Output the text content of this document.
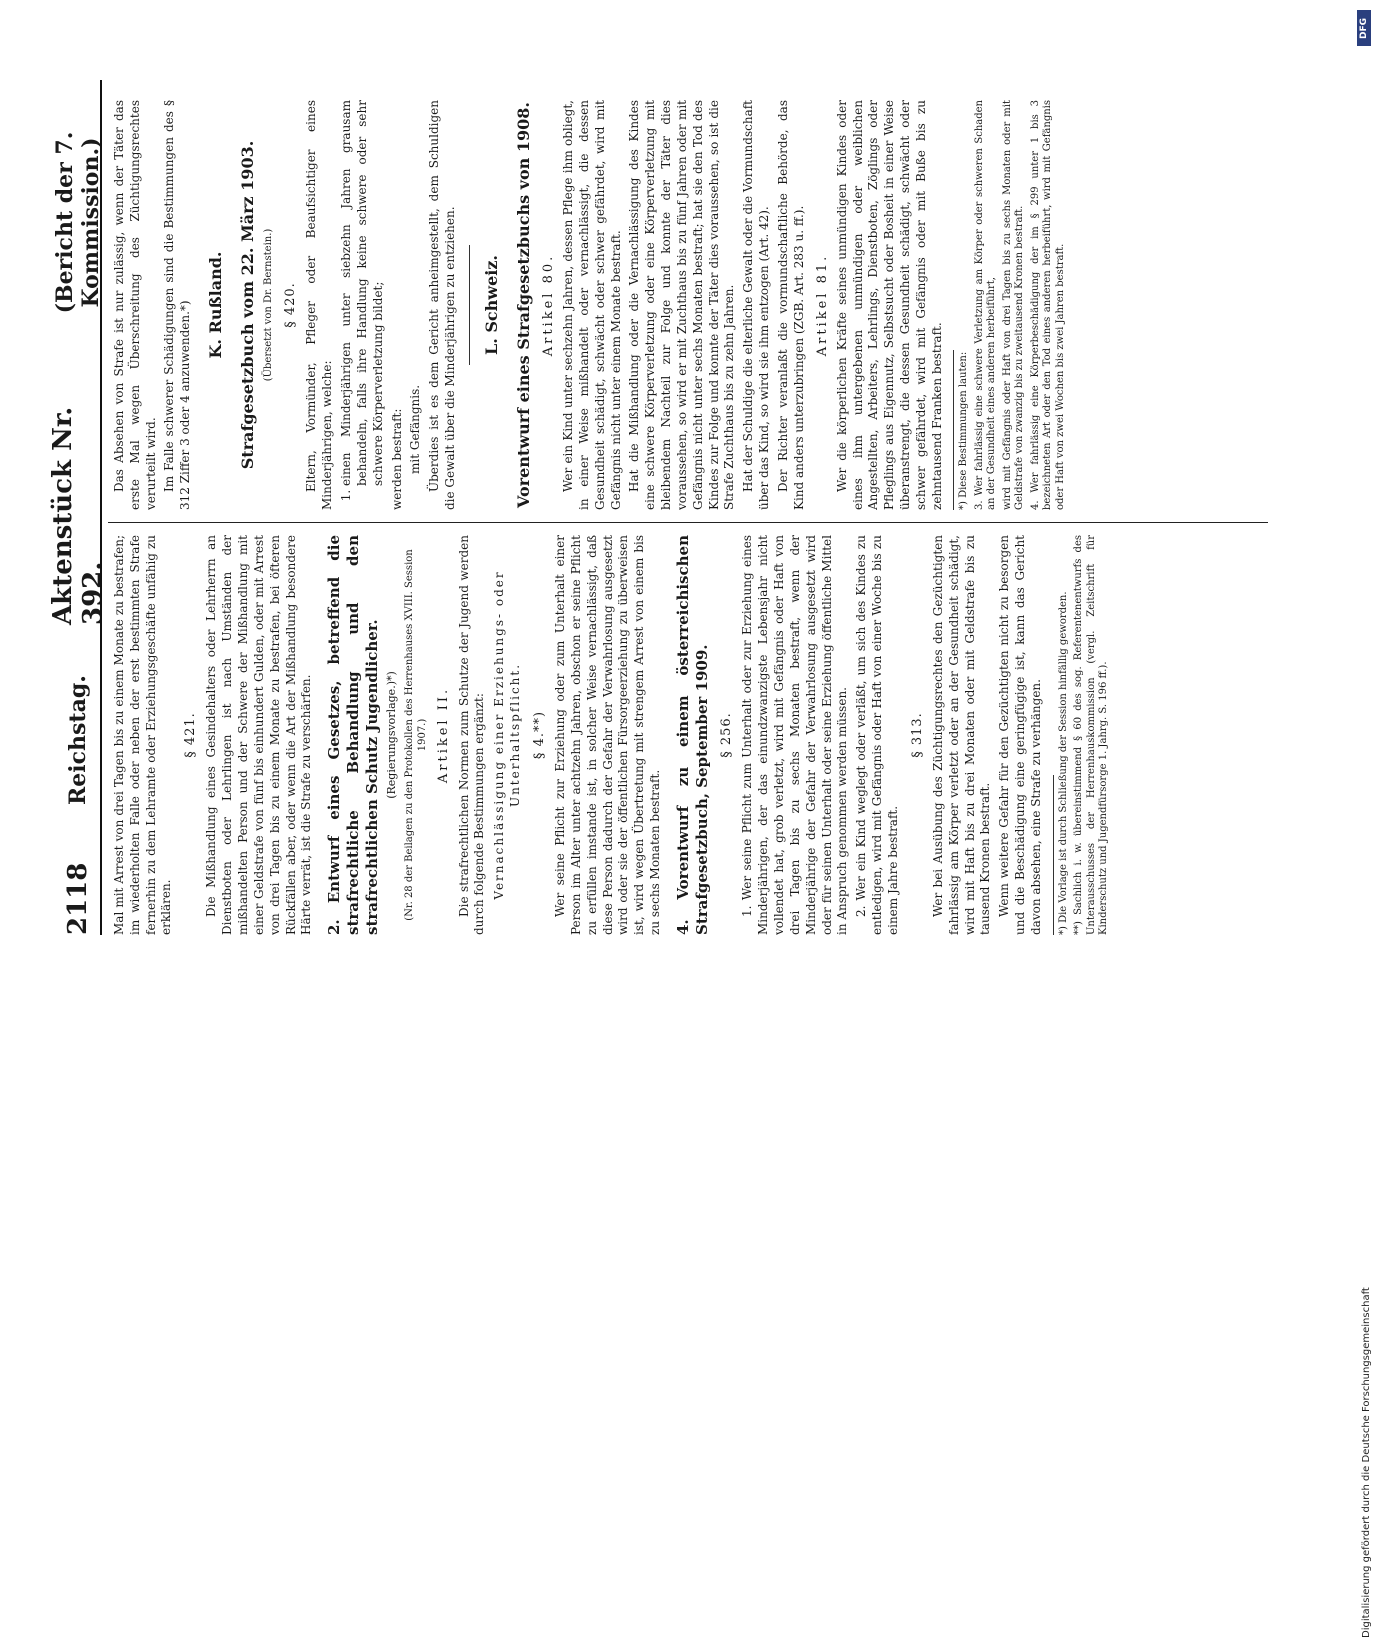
2118
Reichstag.
Aktenstück Nr. 392.
(Bericht der 7. Kommission.)

Mal mit Arrest von drei Tagen bis zu einem Monate zu bestrafen; im wiederholten Falle oder neben der erst bestimmten Strafe fernerhin zu dem Lehramte oder Erziehungsgeschäfte unfähig zu erklären.

§ 421. Die Mißhandlung eines Gesindehalters oder Lehrherrn an Dienstboten oder Lehrlingen ist nach Umständen der mißhandelten Person und der Schwere der Mißhandlung mit einer Geldstrafe von fünf bis einhundert Gulden, oder mit Arrest von drei Tagen bis zu einem Monate zu bestrafen, bei öfteren Rückfällen aber, oder wenn die Art der Mißhandlung besondere Härte verrät, ist die Strafe zu verschärfen. 2. Entwurf eines Gesetzes, betreffend die strafrechtliche Behandlung und den strafrechtlichen Schutz Jugendlicher. (Regierungsvorlage.)*) (Nr. 28 der Beilagen zu den Protokollen des Herrenhauses XVIII. Session 1907.) Artikel II. Die strafrechtlichen Normen zum Schutze der Jugend werden durch folgende Bestimmungen ergänzt: Vernachlässigung einer Erziehungs- oder Unterhaltspflicht. § 4.**) Wer seine Pflicht zur Erziehung oder zum Unterhalt einer Person im Alter unter achtzehn Jahren, obschon er seine Pflicht zu erfüllen imstande ist, in solcher Weise vernachlässigt, daß diese Person dadurch der Gefahr der Verwahrlosung ausgesetzt wird oder sie der öffentlichen Fürsorgeerziehung zu überweisen ist, wird wegen Übertretung mit strengem Arrest von einem bis zu sechs Monaten bestraft. 4. Vorentwurf zu einem österreichischen Strafgesetzbuch, September 1909. § 256. 1. Wer seine Pflicht zum Unterhalt oder zur Erziehung eines Minderjährigen, der das einundzwanzigste Lebensjahr nicht vollendet hat, grob verletzt, wird mit Gefängnis oder Haft von drei Tagen bis zu sechs Monaten bestraft, wenn der Minderjährige der Gefahr der Verwahrlosung ausgesetzt wird oder für seinen Unterhalt oder seine Erziehung öffentliche Mittel in Anspruch genommen werden müssen. 2. Wer ein Kind weglegt oder verläßt, um sich des Kindes zu entledigen, wird mit Gefängnis oder Haft von einer Woche bis zu einem Jahre bestraft.

§ 313. Wer bei Ausübung des Züchtigungsrechtes den Gezüchtigten fahrlässig am Körper verletzt oder an der Gesundheit schädigt, wird mit Haft bis zu drei Monaten oder mit Geldstrafe bis zu tausend Kronen bestraft. Wenn weitere Gefahr für den Gezüchtigten nicht zu besorgen und die Beschädigung eine geringfügige ist, kann das Gericht davon absehen, eine Strafe zu verhängen. *) Die Vorlage ist durch Schließung der Session hinfällig geworden. **) Sachlich i. w. übereinstimmend § 60 des sog. Referentenentwurfs des Unterausschusses der Herrenhauskommission (vergl. Zeitschrift für Kinderschutz und Jugendfürsorge 1. Jahrg. S. 196 ff.).

Das Absehen von Strafe ist nur zulässig, wenn der Täter das erste Mal wegen Überschreitung des Züchtigungsrechtes verurteilt wird. Im Falle schwerer Schädigungen sind die Bestimmungen des § 312 Ziffer 3 oder 4 anzuwenden.*) K. Rußland. Strafgesetzbuch vom 22. März 1903. (Übersetzt von Dr. Bernstein.) § 420. Eltern, Vormünder, Pfleger oder Beaufsichtiger eines Minderjährigen, welche:

1. einen Minderjährigen unter siebzehn Jahren grausam behandeln, falls ihre Handlung keine schwere oder sehr schwere Körperverletzung bildet; werden bestraft: mit Gefängnis. Überdies ist es dem Gericht anheimgestellt, dem Schuldigen die Gewalt über die Minderjährigen zu entziehen. L. Schweiz. Vorentwurf eines Strafgesetzbuchs von 1908. Artikel 80. Wer ein Kind unter sechzehn Jahren, dessen Pflege ihm obliegt, in einer Weise mißhandelt oder vernachlässigt, die dessen Gesundheit schädigt, schwächt oder schwer gefährdet, wird mit Gefängnis nicht unter einem Monate bestraft. Hat die Mißhandlung oder die Vernachlässigung des Kindes eine schwere Körperverletzung oder eine Körperverletzung mit bleibendem Nachteil zur Folge und konnte der Täter dies voraussehen, so wird er mit Zuchthaus bis zu fünf Jahren oder mit Gefängnis nicht unter sechs Monaten bestraft; hat sie den Tod des Kindes zur Folge und konnte der Täter dies voraussehen, so ist die Strafe Zuchthaus bis zu zehn Jahren. Hat der Schuldige die elterliche Gewalt oder die Vormundschaft über das Kind, so wird sie ihm entzogen (Art. 42). Der Richter veranlaßt die vormundschaftliche Behörde, das Kind anders unterzubringen (ZGB. Art. 283 u. ff.). Artikel 81. Wer die körperlichen Kräfte seines unmündigen Kindes oder eines ihm untergebenen unmündigen oder weiblichen Angestellten, Arbeiters, Lehrlings, Dienstboten, Zöglings oder Pfleglings aus Eigennutz, Selbstsucht oder Bosheit in einer Weise überanstrengt, die dessen Gesundheit schädigt, schwächt oder schwer gefährdet, wird mit Gefängnis oder mit Buße bis zu zehntausend Franken bestraft. *) Diese Bestimmungen lauten: 3. Wer fahrlässig eine schwere Verletzung am Körper oder schweren Schaden an der Gesundheit eines anderen herbeiführt, wird mit Gefängnis oder Haft von drei Tagen bis zu sechs Monaten oder mit Geldstrafe von zwanzig bis zu zweitausend Kronen bestraft. 4. Wer fahrlässig eine Körperbeschädigung der im § 299 unter 1 bis 3 bezeichneten Art oder den Tod eines anderen herbeiführt, wird mit Gefängnis oder Haft von zwei Wochen bis zwei Jahren bestraft.

DFG
Digitalisierung gefördert durch die Deutsche Forschungsgemeinschaft
